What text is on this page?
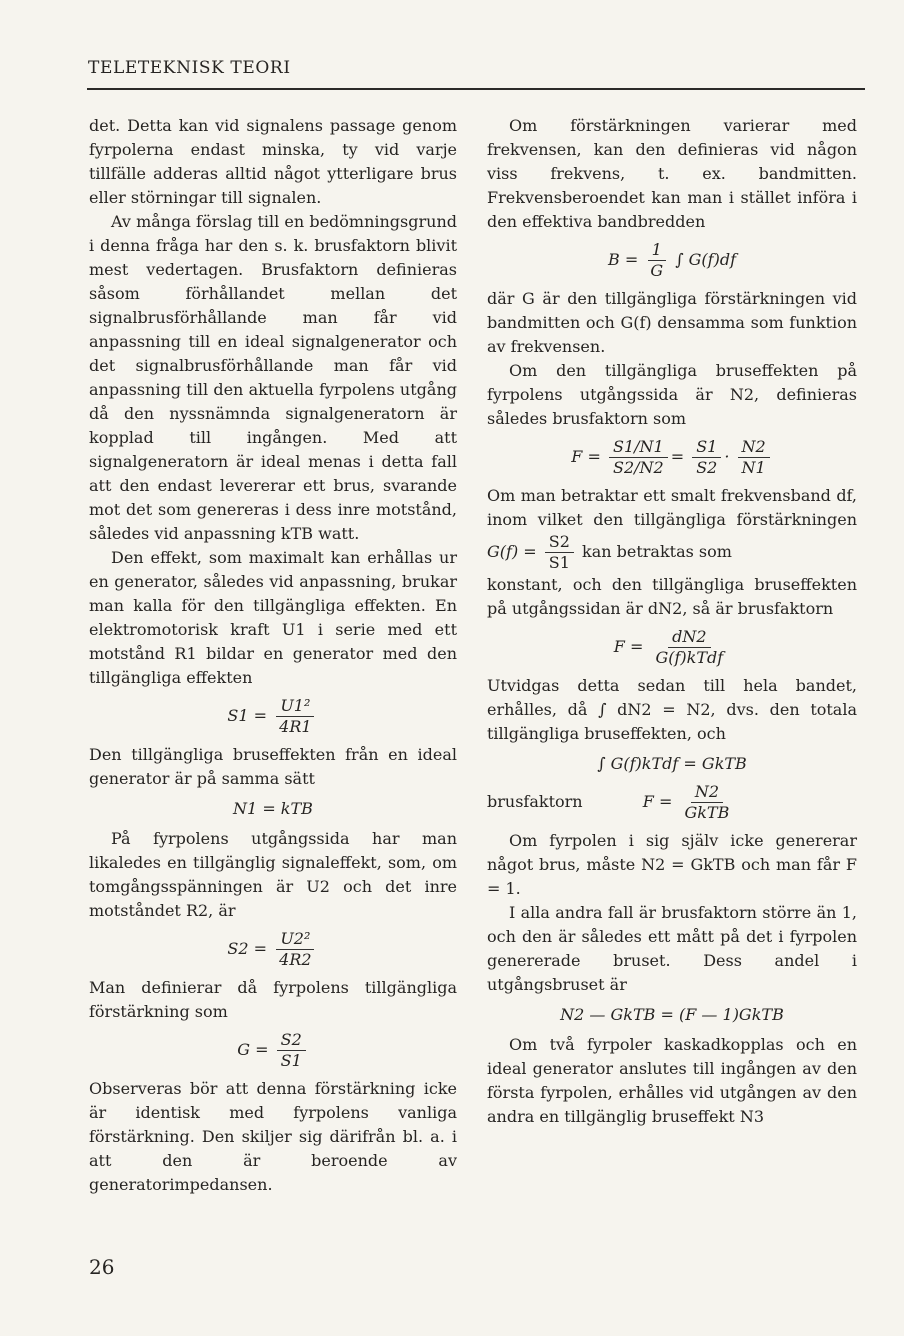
TELETEKNISK TEORI

det. Detta kan vid signalens passage genom fyrpolerna endast minska, ty vid varje tillfälle adderas alltid något ytterligare brus eller störningar till signalen.

Av många förslag till en bedömningsgrund i denna fråga har den s. k. brusfaktorn blivit mest vedertagen. Brusfaktorn definieras såsom förhållandet mellan det signalbrusförhållande man får vid anpassning till en ideal signalgenerator och det signalbrusförhållande man får vid anpassning till den aktuella fyrpolens utgång då den nyssnämnda signalgeneratorn är kopplad till ingången. Med att signalgeneratorn är ideal menas i detta fall att den endast levererar ett brus, svarande mot det som genereras i dess inre motstånd, således vid anpassning kTB watt.

Den effekt, som maximalt kan erhållas ur en generator, således vid anpassning, brukar man kalla för den tillgängliga effekten. En elektromotorisk kraft U1 i serie med ett motstånd R1 bildar en generator med den tillgängliga effekten

$S1 = \frac{\text{U1²}}{4R1}$

Den tillgängliga bruseffekten från en ideal generator är på samma sätt

N1 = kTB

På fyrpolens utgångssida har man likaledes en tillgänglig signaleffekt, som, om tomgångsspänningen är U2 och det inre motståndet R2, är

$S2 = \frac{\text{U2²}}{4R2}$

Man definierar då fyrpolens tillgängliga förstärkning som

$G = \frac{S2}{S1}$

Observeras bör att denna förstärkning icke är identisk med fyrpolens vanliga förstärkning. Den skiljer sig därifrån bl. a. i att den är beroende av generatorimpedansen.

Om förstärkningen varierar med frekvensen, kan den definieras vid någon viss frekvens, t. ex. bandmitten. Frekvensberoendet kan man i stället införa i den effektiva bandbredden

$B = \frac{1}{G}$ ∫ G(f)df

där G är den tillgängliga förstärkningen vid bandmitten och G(f) densamma som funktion av frekvensen.

Om den tillgängliga bruseffekten på fyrpolens utgångssida är N2, definieras således brusfaktorn som

$F = \frac{S1/N1}{S2/N2} = \frac{S1}{S2} \cdot \frac{N2}{N1}$

Om man betraktar ett smalt frekvensband df, inom vilket den tillgängliga förstärkningen $G(f) = \frac{S2}{S1}$ kan betraktas som

konstant, och den tillgängliga bruseffekten på utgångssidan är dN2, så är brusfaktorn

$F = \frac{dN2}{\text{G(f)kTdf}}$

Utvidgas detta sedan till hela bandet, erhålles, då ∫ dN2 = N2, dvs. den totala tillgängliga bruseffekten, och

∫ G(f)kTdf = GkTB
brusfaktorn	$F = \frac{N2}{\text{GkTB}}$

Om fyrpolen i sig själv icke genererar något brus, måste N2 = GkTB och man får F = 1.

I alla andra fall är brusfaktorn större än 1, och den är således ett mått på det i fyrpolen genererade bruset. Dess andel i utgångsbruset är

N2 — GkTB = (F — 1)GkTB

Om två fyrpoler kaskadkopplas och en ideal generator anslutes till ingången av den första fyrpolen, erhålles vid utgången av den andra en tillgänglig bruseffekt N3

26
